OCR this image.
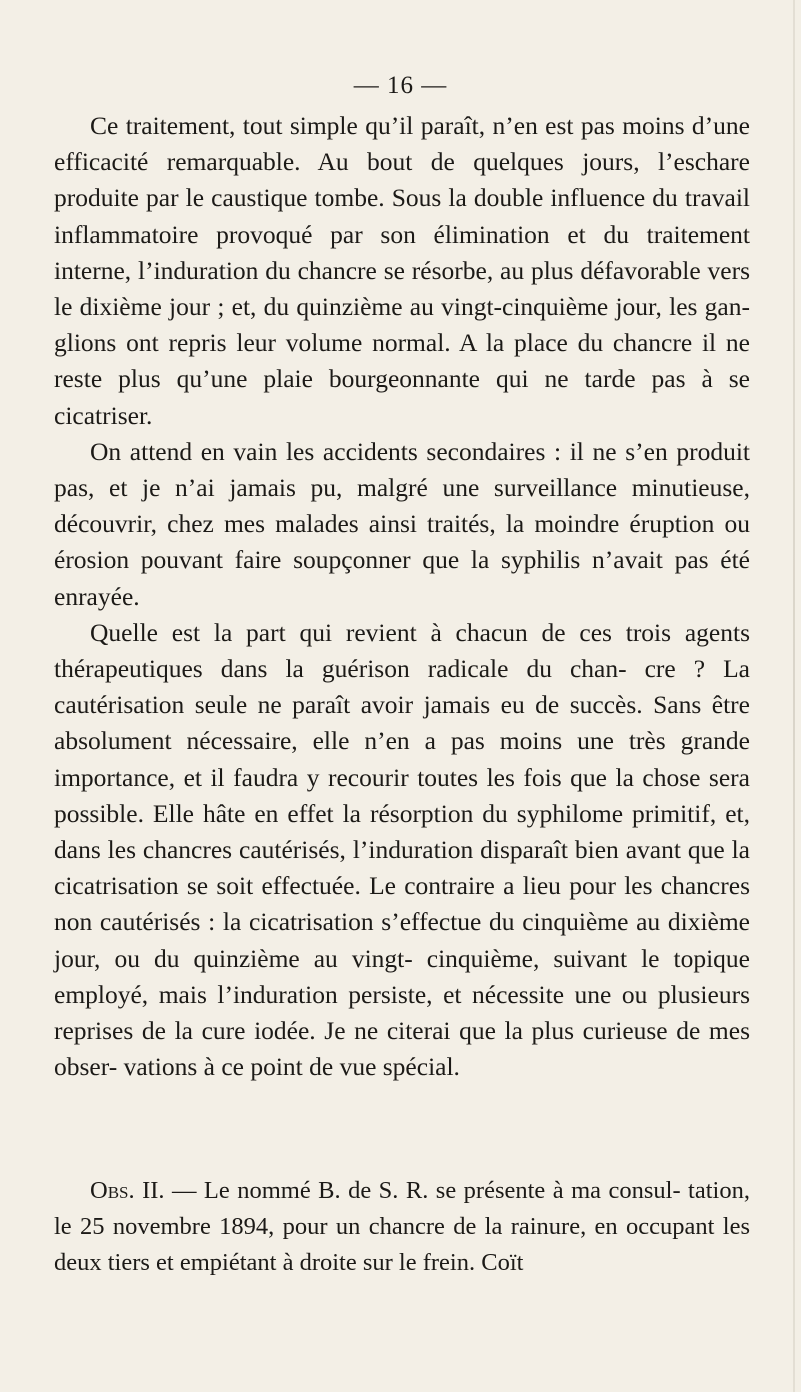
— 16 —

Ce traitement, tout simple qu’il paraît, n’en est pas moins d’une efficacité remarquable. Au bout de quelques jours, l’eschare produite par le caustique tombe. Sous la double influence du travail inflammatoire provoqué par son élimination et du traitement interne, l’induration du chancre se résorbe, au plus défavorable vers le dixième jour ; et, du quinzième au vingt-cinquième jour, les gan- glions ont repris leur volume normal. A la place du chancre il ne reste plus qu’une plaie bourgeonnante qui ne tarde pas à se cicatriser.

On attend en vain les accidents secondaires : il ne s’en produit pas, et je n’ai jamais pu, malgré une surveillance minutieuse, découvrir, chez mes malades ainsi traités, la moindre éruption ou érosion pouvant faire soupçonner que la syphilis n’avait pas été enrayée.

Quelle est la part qui revient à chacun de ces trois agents thérapeutiques dans la guérison radicale du chan- cre ? La cautérisation seule ne paraît avoir jamais eu de succès. Sans être absolument nécessaire, elle n’en a pas moins une très grande importance, et il faudra y recourir toutes les fois que la chose sera possible. Elle hâte en effet la résorption du syphilome primitif, et, dans les chancres cautérisés, l’induration disparaît bien avant que la cicatrisation se soit effectuée. Le contraire a lieu pour les chancres non cautérisés : la cicatrisation s’effectue du cinquième au dixième jour, ou du quinzième au vingt- cinquième, suivant le topique employé, mais l’induration persiste, et nécessite une ou plusieurs reprises de la cure iodée. Je ne citerai que la plus curieuse de mes obser- vations à ce point de vue spécial.

Obs. II. — Le nommé B. de S. R. se présente à ma consul- tation, le 25 novembre 1894, pour un chancre de la rainure, en occupant les deux tiers et empiétant à droite sur le frein. Coït
